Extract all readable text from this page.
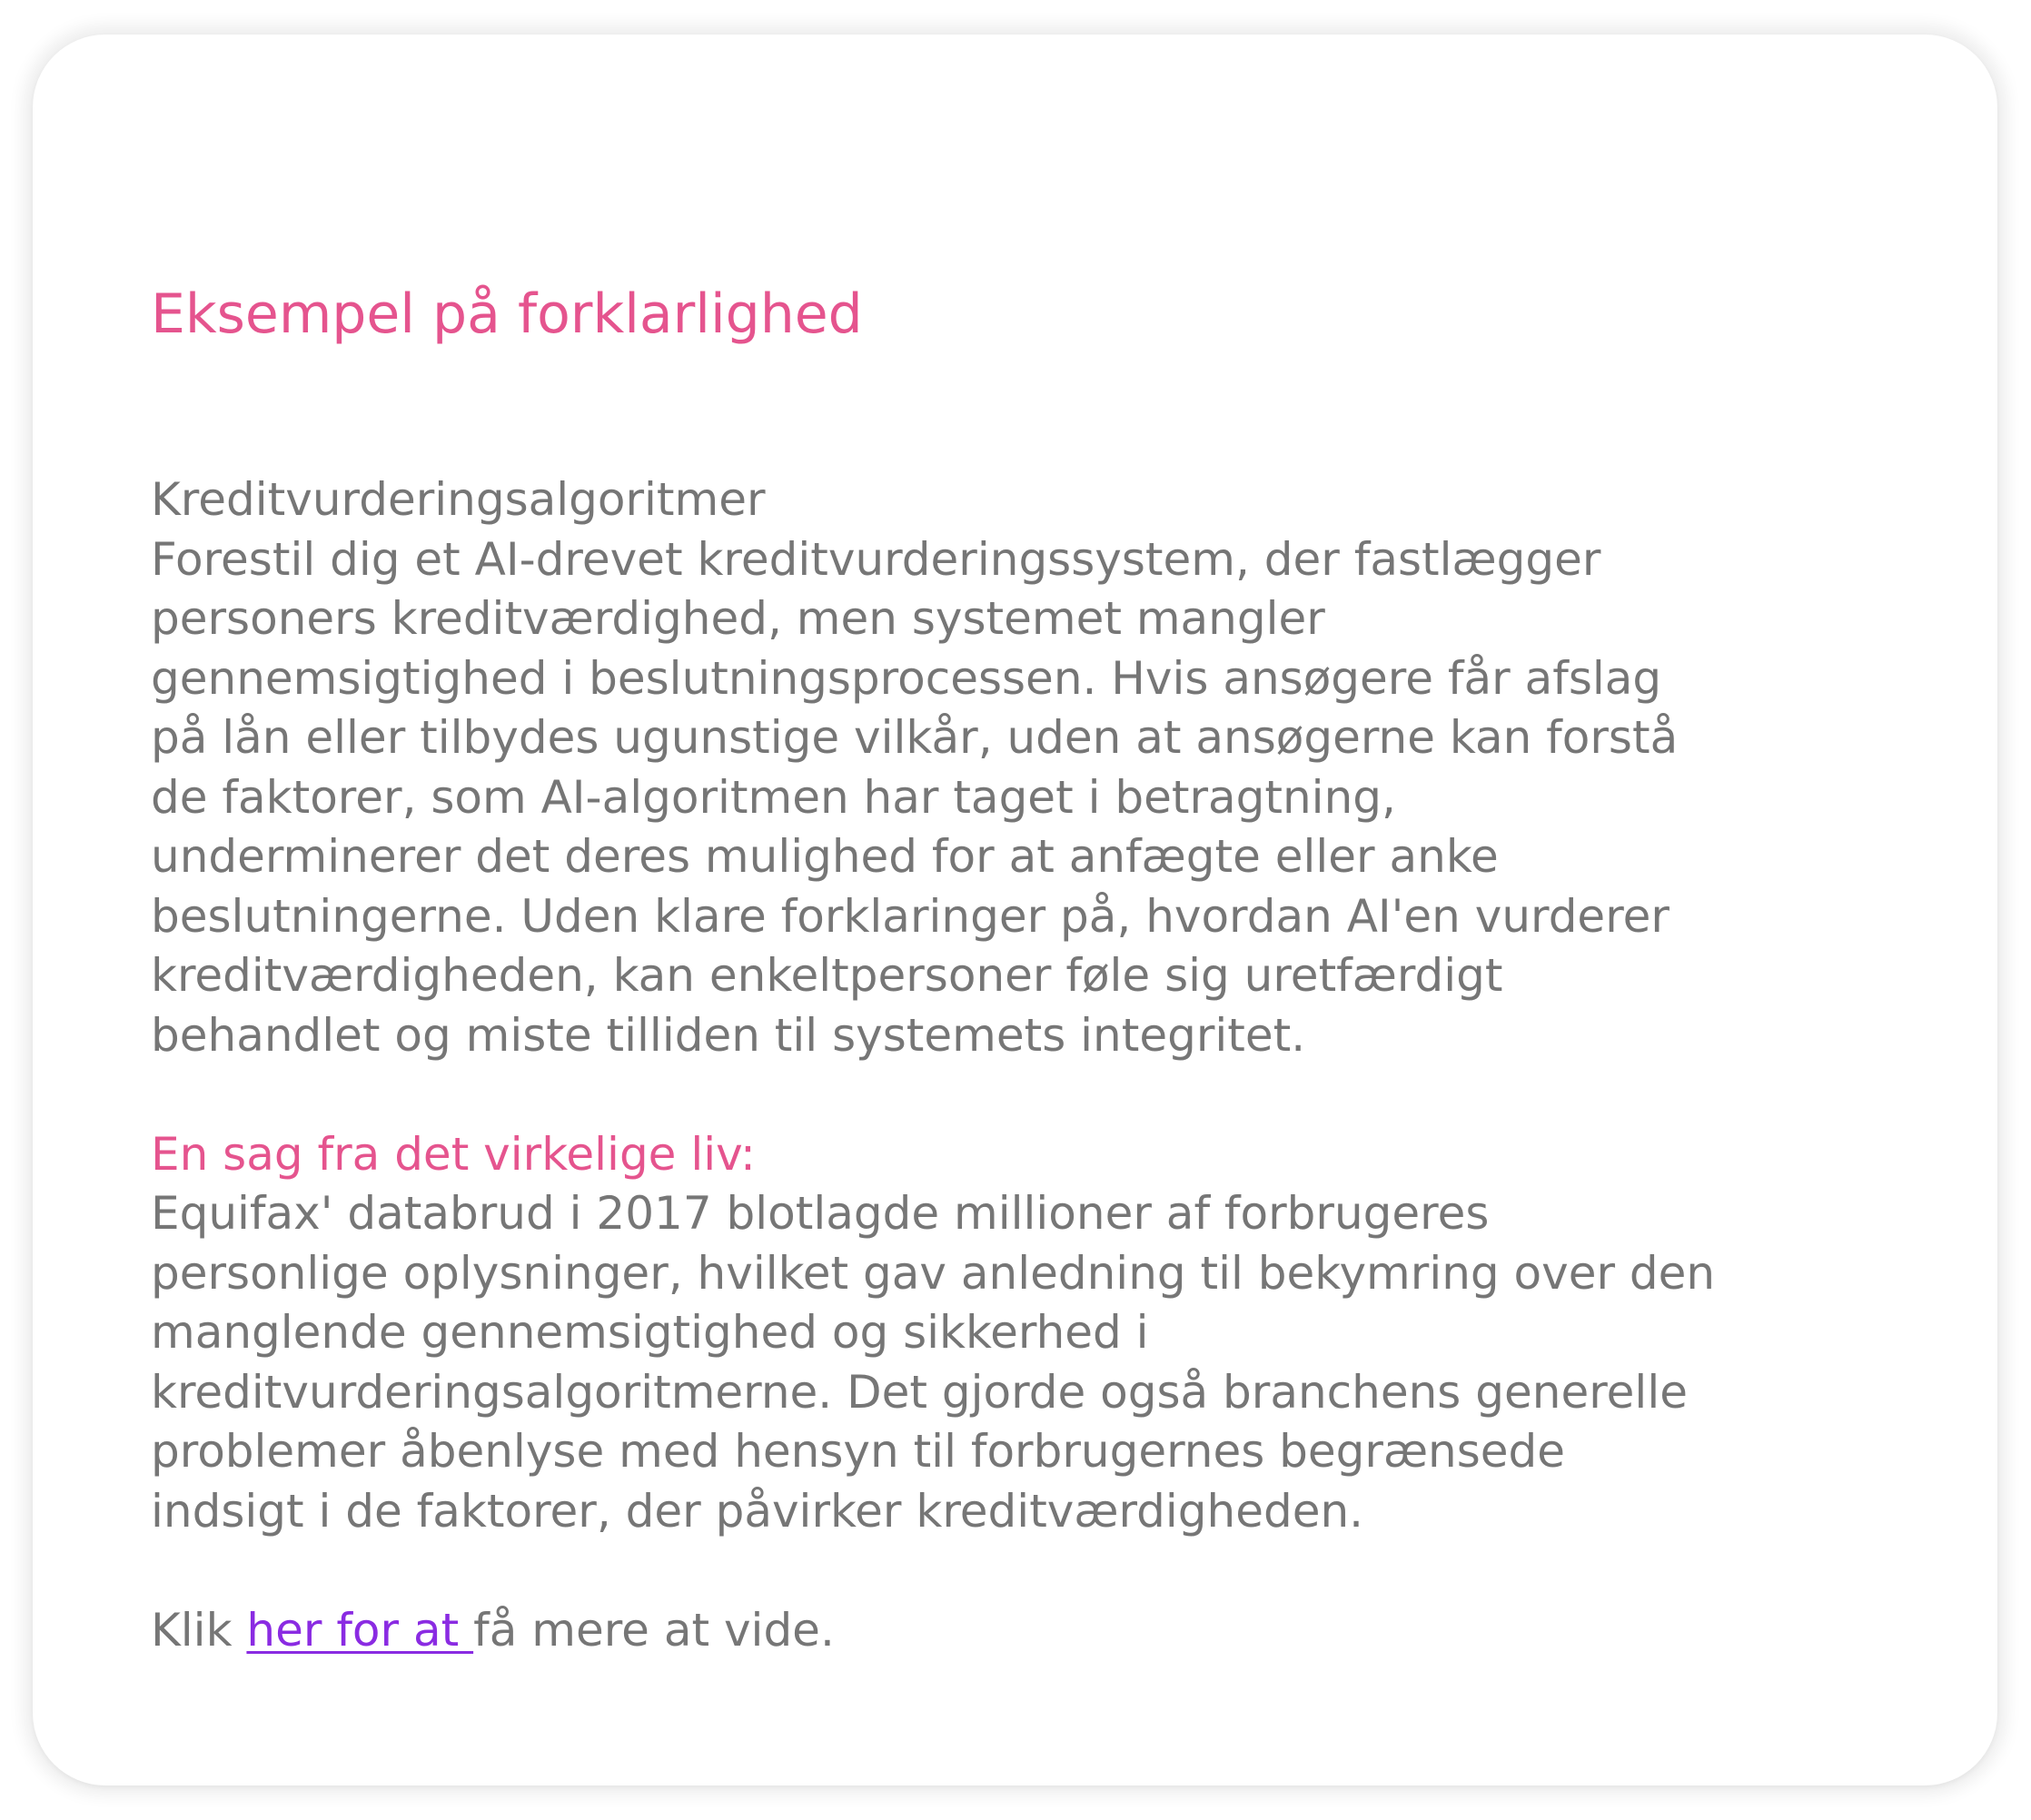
Eksempel på forklarlighed

Kreditvurderingsalgoritmer
Forestil dig et AI-drevet kreditvurderingssystem, der fastlægger
personers kreditværdighed, men systemet mangler
gennemsigtighed i beslutningsprocessen. Hvis ansøgere får afslag
på lån eller tilbydes ugunstige vilkår, uden at ansøgerne kan forstå
de faktorer, som AI-algoritmen har taget i betragtning,
underminerer det deres mulighed for at anfægte eller anke
beslutningerne. Uden klare forklaringer på, hvordan AI'en vurderer
kreditværdigheden, kan enkeltpersoner føle sig uretfærdigt
behandlet og miste tilliden til systemets integritet.

En sag fra det virkelige liv:
Equifax' databrud i 2017 blotlagde millioner af forbrugeres
personlige oplysninger, hvilket gav anledning til bekymring over den
manglende gennemsigtighed og sikkerhed i
kreditvurderingsalgoritmerne. Det gjorde også branchens generelle
problemer åbenlyse med hensyn til forbrugernes begrænsede
indsigt i de faktorer, der påvirker kreditværdigheden.

Klik her for at få mere at vide.
